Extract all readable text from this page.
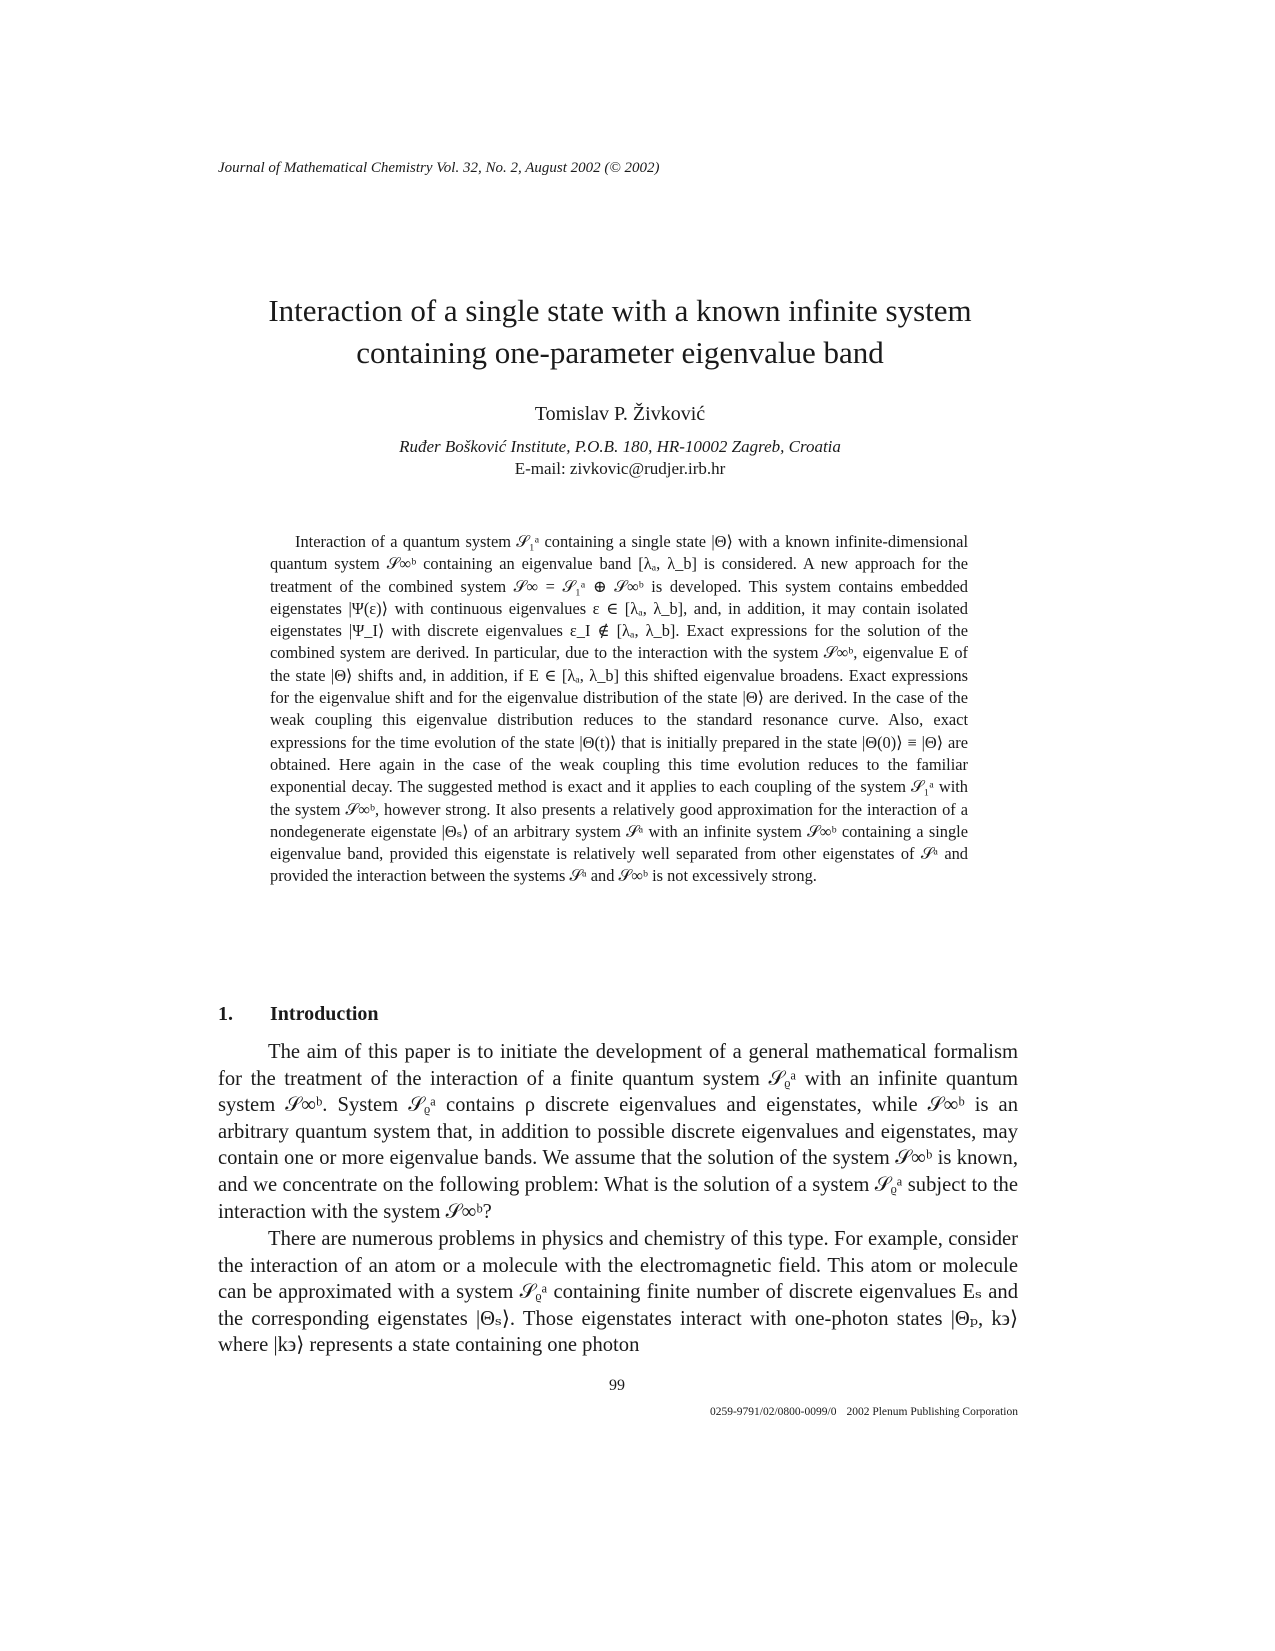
Journal of Mathematical Chemistry Vol. 32, No. 2, August 2002 (© 2002)
Interaction of a single state with a known infinite system
containing one-parameter eigenvalue band
Tomislav P. Živković
Ruđer Bošković Institute, P.O.B. 180, HR-10002 Zagreb, Croatia
E-mail: zivkovic@rudjer.irb.hr

Interaction of a quantum system 𝒮₁ᵃ containing a single state |Θ⟩ with a known infinite-dimensional quantum system 𝒮∞ᵇ containing an eigenvalue band [λₐ, λ_b] is considered. A new approach for the treatment of the combined system 𝒮∞ = 𝒮₁ᵃ ⊕ 𝒮∞ᵇ is developed. This system contains embedded eigenstates |Ψ(ε)⟩ with continuous eigenvalues ε ∈ [λₐ, λ_b], and, in addition, it may contain isolated eigenstates |Ψ_I⟩ with discrete eigenvalues ε_I ∉ [λₐ, λ_b]. Exact expressions for the solution of the combined system are derived. In particular, due to the interaction with the system 𝒮∞ᵇ, eigenvalue E of the state |Θ⟩ shifts and, in addition, if E ∈ [λₐ, λ_b] this shifted eigenvalue broadens. Exact expressions for the eigenvalue shift and for the eigenvalue distribution of the state |Θ⟩ are derived. In the case of the weak coupling this eigenvalue distribution reduces to the standard resonance curve. Also, exact expressions for the time evolution of the state |Θ(t)⟩ that is initially prepared in the state |Θ(0)⟩ ≡ |Θ⟩ are obtained. Here again in the case of the weak coupling this time evolution reduces to the familiar exponential decay. The suggested method is exact and it applies to each coupling of the system 𝒮₁ᵃ with the system 𝒮∞ᵇ, however strong. It also presents a relatively good approximation for the interaction of a nondegenerate eigenstate |Θₛ⟩ of an arbitrary system 𝒮ᵃ with an infinite system 𝒮∞ᵇ containing a single eigenvalue band, provided this eigenstate is relatively well separated from other eigenstates of 𝒮ᵃ and provided the interaction between the systems 𝒮ᵃ and 𝒮∞ᵇ is not excessively strong.

1. Introduction

The aim of this paper is to initiate the development of a general mathematical formalism for the treatment of the interaction of a finite quantum system 𝒮ᵨᵃ with an infinite quantum system 𝒮∞ᵇ. System 𝒮ᵨᵃ contains ρ discrete eigenvalues and eigenstates, while 𝒮∞ᵇ is an arbitrary quantum system that, in addition to possible discrete eigenvalues and eigenstates, may contain one or more eigenvalue bands. We assume that the solution of the system 𝒮∞ᵇ is known, and we concentrate on the following problem: What is the solution of a system 𝒮ᵨᵃ subject to the interaction with the system 𝒮∞ᵇ?

There are numerous problems in physics and chemistry of this type. For example, consider the interaction of an atom or a molecule with the electromagnetic field. This atom or molecule can be approximated with a system 𝒮ᵨᵃ containing finite number of discrete eigenvalues Eₛ and the corresponding eigenstates |Θₛ⟩. Those eigenstates interact with one-photon states |Θₚ, k϶⟩ where |k϶⟩ represents a state containing one photon

99
0259-9791/02/0800-0099/0 2002 Plenum Publishing Corporation
